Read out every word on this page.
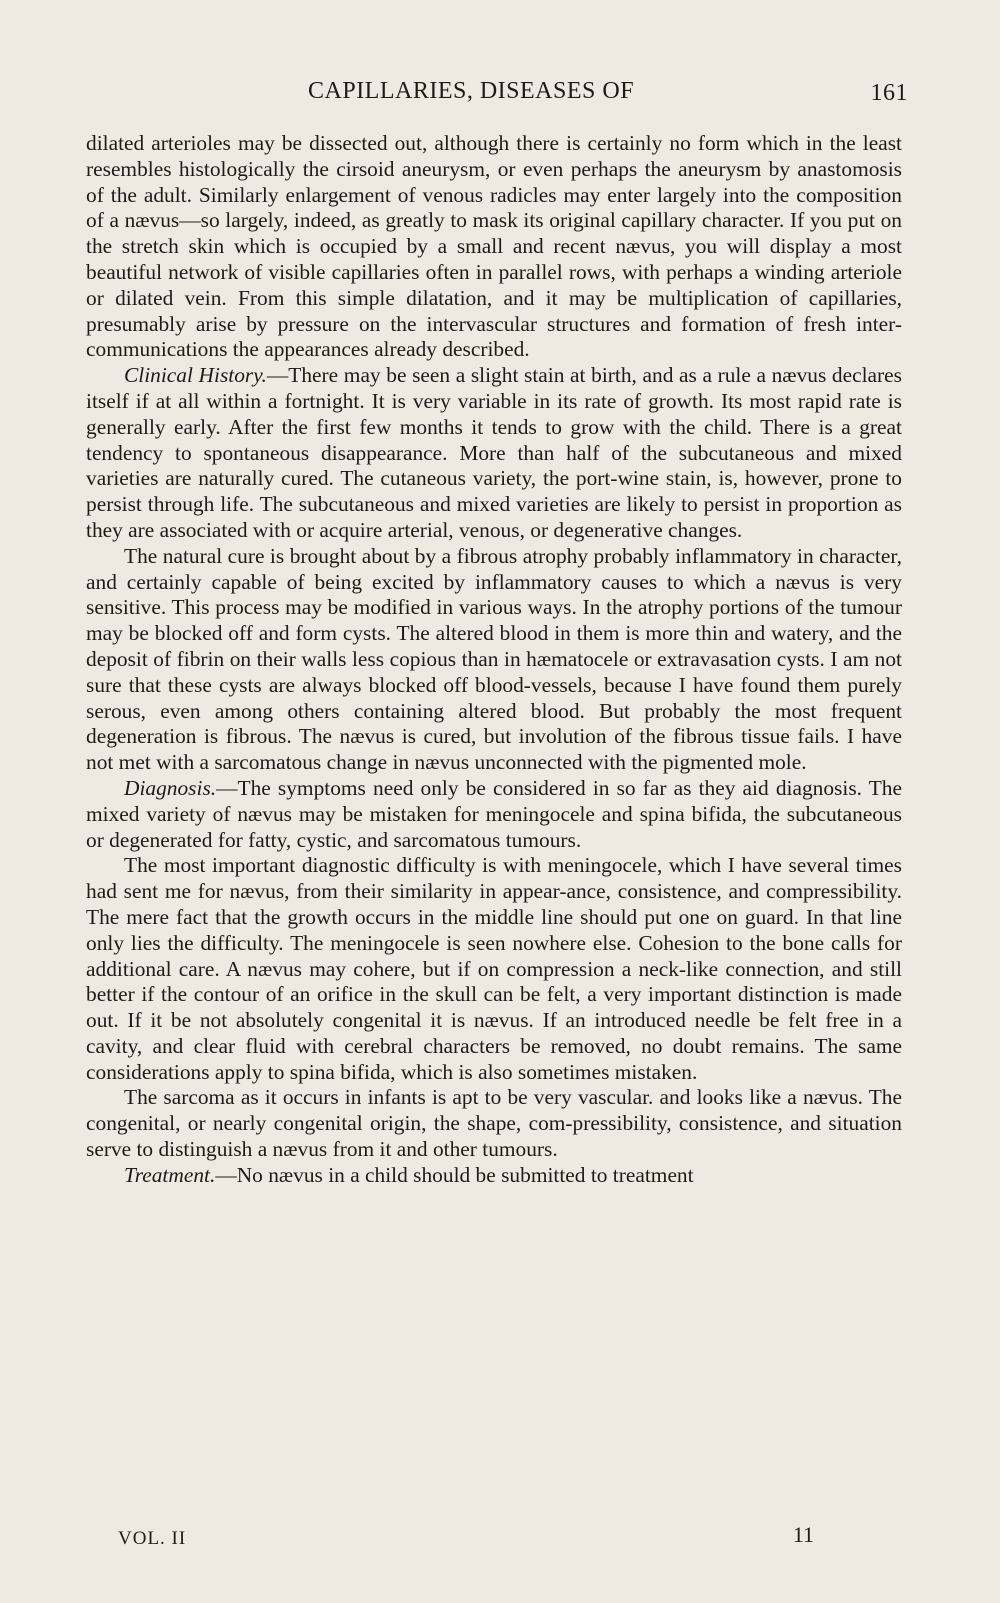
CAPILLARIES, DISEASES OF	161

dilated arterioles may be dissected out, although there is certainly no form which in the least resembles histologically the cirsoid aneurysm, or even perhaps the aneurysm by anastomosis of the adult. Similarly enlargement of venous radicles may enter largely into the composition of a nævus—so largely, indeed, as greatly to mask its original capillary character. If you put on the stretch skin which is occupied by a small and recent nævus, you will display a most beautiful network of visible capillaries often in parallel rows, with perhaps a winding arteriole or dilated vein. From this simple dilatation, and it may be multiplication of capillaries, presumably arise by pressure on the intervascular structures and formation of fresh inter-communications the appearances already described.

Clinical History.—There may be seen a slight stain at birth, and as a rule a nævus declares itself if at all within a fortnight. It is very variable in its rate of growth. Its most rapid rate is generally early. After the first few months it tends to grow with the child. There is a great tendency to spontaneous disappearance. More than half of the subcutaneous and mixed varieties are naturally cured. The cutaneous variety, the port-wine stain, is, however, prone to persist through life. The subcutaneous and mixed varieties are likely to persist in proportion as they are associated with or acquire arterial, venous, or degenerative changes.

The natural cure is brought about by a fibrous atrophy probably inflammatory in character, and certainly capable of being excited by inflammatory causes to which a nævus is very sensitive. This process may be modified in various ways. In the atrophy portions of the tumour may be blocked off and form cysts. The altered blood in them is more thin and watery, and the deposit of fibrin on their walls less copious than in hæmatocele or extravasation cysts. I am not sure that these cysts are always blocked off blood-vessels, because I have found them purely serous, even among others containing altered blood. But probably the most frequent degeneration is fibrous. The nævus is cured, but involution of the fibrous tissue fails. I have not met with a sarcomatous change in nævus unconnected with the pigmented mole.

Diagnosis.—The symptoms need only be considered in so far as they aid diagnosis. The mixed variety of nævus may be mistaken for meningocele and spina bifida, the subcutaneous or degenerated for fatty, cystic, and sarcomatous tumours.

The most important diagnostic difficulty is with meningocele, which I have several times had sent me for nævus, from their similarity in appear-ance, consistence, and compressibility. The mere fact that the growth occurs in the middle line should put one on guard. In that line only lies the difficulty. The meningocele is seen nowhere else. Cohesion to the bone calls for additional care. A nævus may cohere, but if on compression a neck-like connection, and still better if the contour of an orifice in the skull can be felt, a very important distinction is made out. If it be not absolutely congenital it is nævus. If an introduced needle be felt free in a cavity, and clear fluid with cerebral characters be removed, no doubt remains. The same considerations apply to spina bifida, which is also sometimes mistaken.

The sarcoma as it occurs in infants is apt to be very vascular. and looks like a nævus. The congenital, or nearly congenital origin, the shape, com-pressibility, consistence, and situation serve to distinguish a nævus from it and other tumours.

Treatment.—No nævus in a child should be submitted to treatment

VOL. II	11
